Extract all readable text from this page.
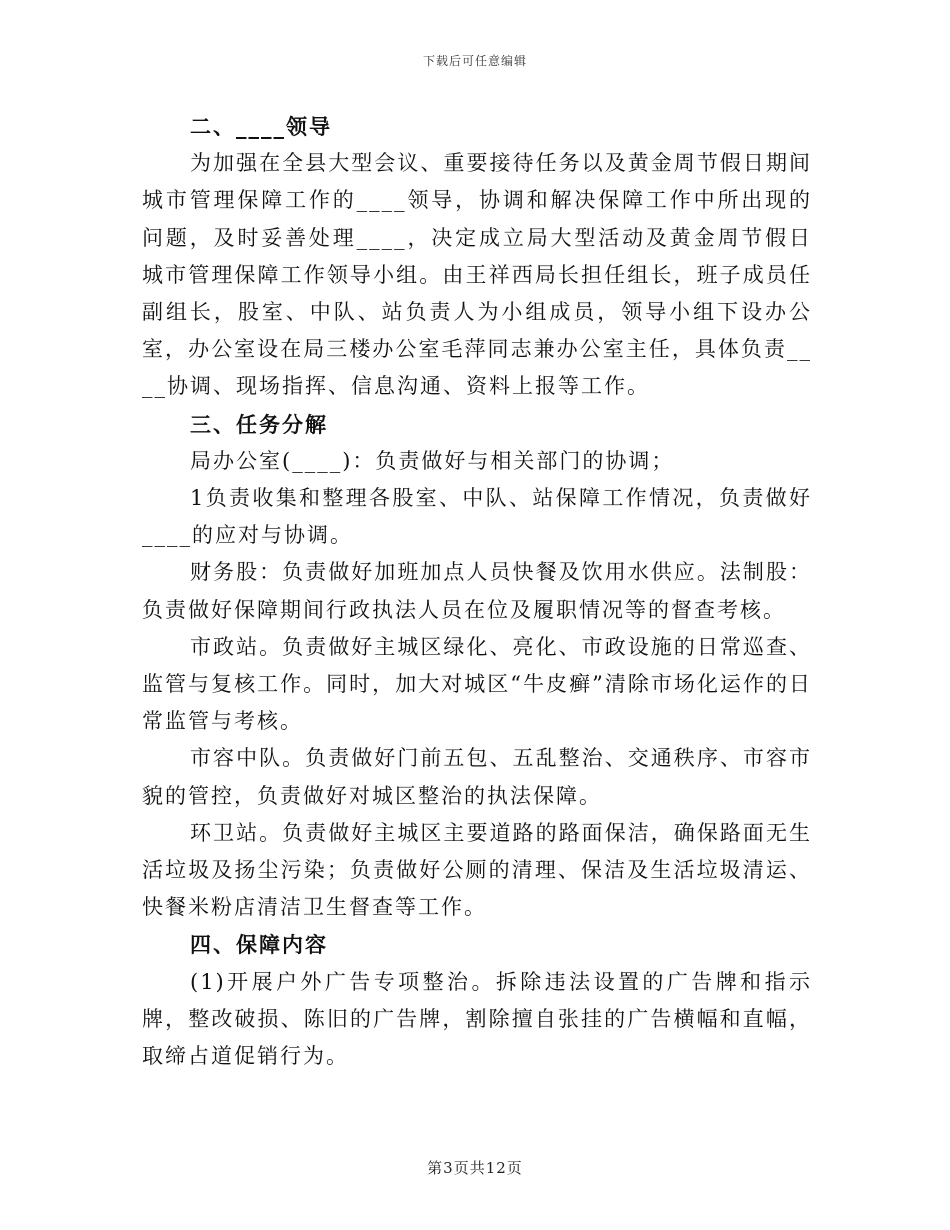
下载后可任意编辑
二、____领导

为加强在全县大型会议、重要接待任务以及黄金周节假日期间城市管理保障工作的____领导，协调和解决保障工作中所出现的问题，及时妥善处理____，决定成立局大型活动及黄金周节假日城市管理保障工作领导小组。由王祥西局长担任组长，班子成员任副组长，股室、中队、站负责人为小组成员，领导小组下设办公室，办公室设在局三楼办公室毛萍同志兼办公室主任，具体负责____协调、现场指挥、信息沟通、资料上报等工作。

三、任务分解

局办公室(____)：负责做好与相关部门的协调；

1负责收集和整理各股室、中队、站保障工作情况，负责做好____的应对与协调。

财务股：负责做好加班加点人员快餐及饮用水供应。法制股：负责做好保障期间行政执法人员在位及履职情况等的督查考核。

市政站。负责做好主城区绿化、亮化、市政设施的日常巡查、监管与复核工作。同时，加大对城区“牛皮癣”清除市场化运作的日常监管与考核。

市容中队。负责做好门前五包、五乱整治、交通秩序、市容市貌的管控，负责做好对城区整治的执法保障。

环卫站。负责做好主城区主要道路的路面保洁，确保路面无生活垃圾及扬尘污染；负责做好公厕的清理、保洁及生活垃圾清运、快餐米粉店清洁卫生督查等工作。

四、保障内容

(1)开展户外广告专项整治。拆除违法设置的广告牌和指示牌，整改破损、陈旧的广告牌，割除擅自张挂的广告横幅和直幅，取缔占道促销行为。

第3页共12页
